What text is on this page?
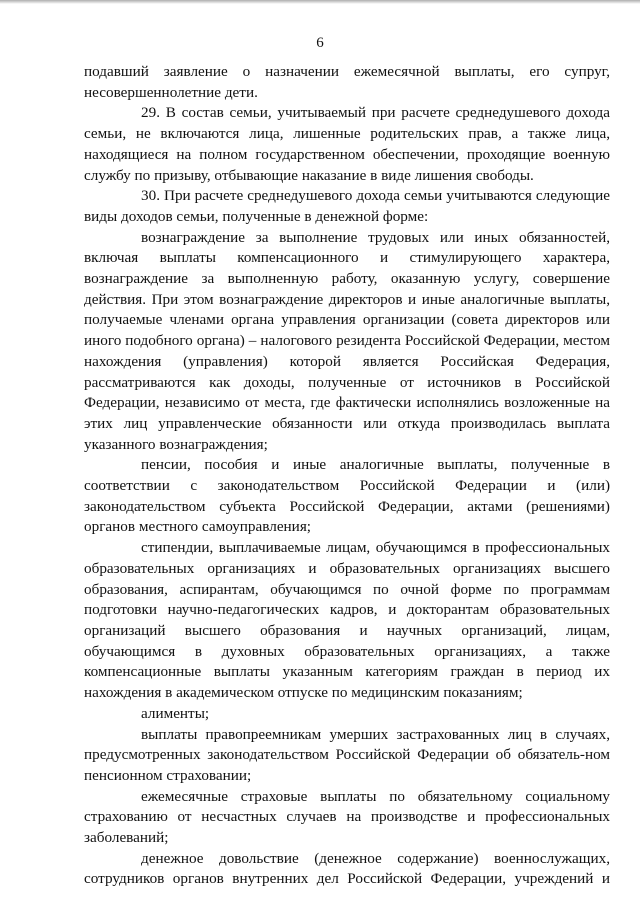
6

подавший заявление о назначении ежемесячной выплаты, его супруг, несовершеннолетние дети.

29. В состав семьи, учитываемый при расчете среднедушевого дохода семьи, не включаются лица, лишенные родительских прав, а также лица, находящиеся на полном государственном обеспечении, проходящие военную службу по призыву, отбывающие наказание в виде лишения свободы.

30. При расчете среднедушевого дохода семьи учитываются следующие виды доходов семьи, полученные в денежной форме:

вознаграждение за выполнение трудовых или иных обязанностей, включая выплаты компенсационного и стимулирующего характера, вознаграждение за выполненную работу, оказанную услугу, совершение действия. При этом вознаграждение директоров и иные аналогичные выплаты, получаемые членами органа управления организации (совета директоров или иного подобного органа) – налогового резидента Российской Федерации, местом нахождения (управления) которой является Российская Федерация, рассматриваются как доходы, полученные от источников в Российской Федерации, независимо от места, где фактически исполнялись возложенные на этих лиц управленческие обязанности или откуда производилась выплата указанного вознаграждения;

пенсии, пособия и иные аналогичные выплаты, полученные в соответствии с законодательством Российской Федерации и (или) законодательством субъекта Российской Федерации, актами (решениями) органов местного самоуправления;

стипендии, выплачиваемые лицам, обучающимся в профессиональных образовательных организациях и образовательных организациях высшего образования, аспирантам, обучающимся по очной форме по программам подготовки научно-педагогических кадров, и докторантам образовательных организаций высшего образования и научных организаций, лицам, обучающимся в духовных образовательных организациях, а также компенсационные выплаты указанным категориям граждан в период их нахождения в академическом отпуске по медицинским показаниям;

алименты;

выплаты правопреемникам умерших застрахованных лиц в случаях, предусмотренных законодательством Российской Федерации об обязатель-ном пенсионном страховании;

ежемесячные страховые выплаты по обязательному социальному страхованию от несчастных случаев на производстве и профессиональных заболеваний;

денежное довольствие (денежное содержание) военнослужащих, сотрудников органов внутренних дел Российской Федерации, учреждений и
